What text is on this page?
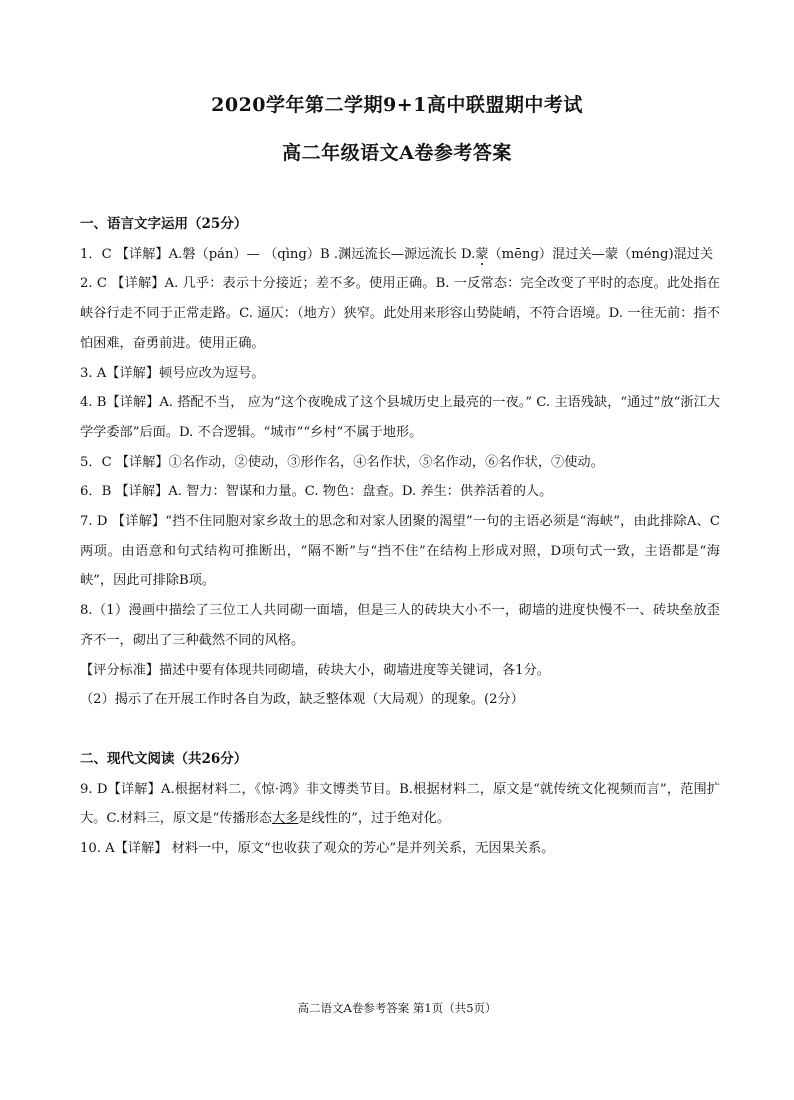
2020学年第二学期9+1高中联盟期中考试
高二年级语文A卷参考答案

一、语言文字运用（25分）

1．C 【详解】A.磐（pán）— （qìng）B .渊远流长—源远流长 D.蒙（mēng）混过关—蒙（méng)混过关

2. C 【详解】A. 几乎：表示十分接近；差不多。使用正确。B. 一反常态：完全改变了平时的态度。此处指在峡谷行走不同于正常走路。C. 逼仄：（地方）狭窄。此处用来形容山势陡峭，不符合语境。D. 一往无前：指不怕困难，奋勇前进。使用正确。

3. A【详解】顿号应改为逗号。

4. B【详解】A. 搭配不当， 应为“这个夜晚成了这个县城历史上最亮的一夜。” C. 主语残缺，“通过”放“浙江大学学委部”后面。D. 不合逻辑。“城市”“乡村”不属于地形。

5．C 【详解】①名作动，②使动，③形作名，④名作状，⑤名作动，⑥名作状，⑦使动。

6．B 【详解】A. 智力：智谋和力量。C. 物色：盘查。D. 养生：供养活着的人。

7. D 【详解】“挡不住同胞对家乡故土的思念和对家人团聚的渴望”一句的主语必须是“海峡”，由此排除A、C两项。由语意和句式结构可推断出，“隔不断”与“挡不住”在结构上形成对照，D项句式一致，主语都是“海峡”，因此可排除B项。

8.（1）漫画中描绘了三位工人共同砌一面墙，但是三人的砖块大小不一，砌墙的进度快慢不一、砖块垒放歪齐不一，砌出了三种截然不同的风格。

【评分标准】描述中要有体现共同砌墙，砖块大小，砌墙进度等关键词，各1分。

（2）揭示了在开展工作时各自为政，缺乏整体观（大局观）的现象。(2分）

二、现代文阅读（共26分）

9. D【详解】A.根据材料二，《惊·鸿》非文博类节目。B.根据材料二，原文是“就传统文化视频而言”，范围扩大。C.材料三，原文是“传播形态大多是线性的”，过于绝对化。

10. A【详解】 材料一中，原文“也收获了观众的芳心”是并列关系，无因果关系。

高二语文A卷参考答案 第1页（共5页）
